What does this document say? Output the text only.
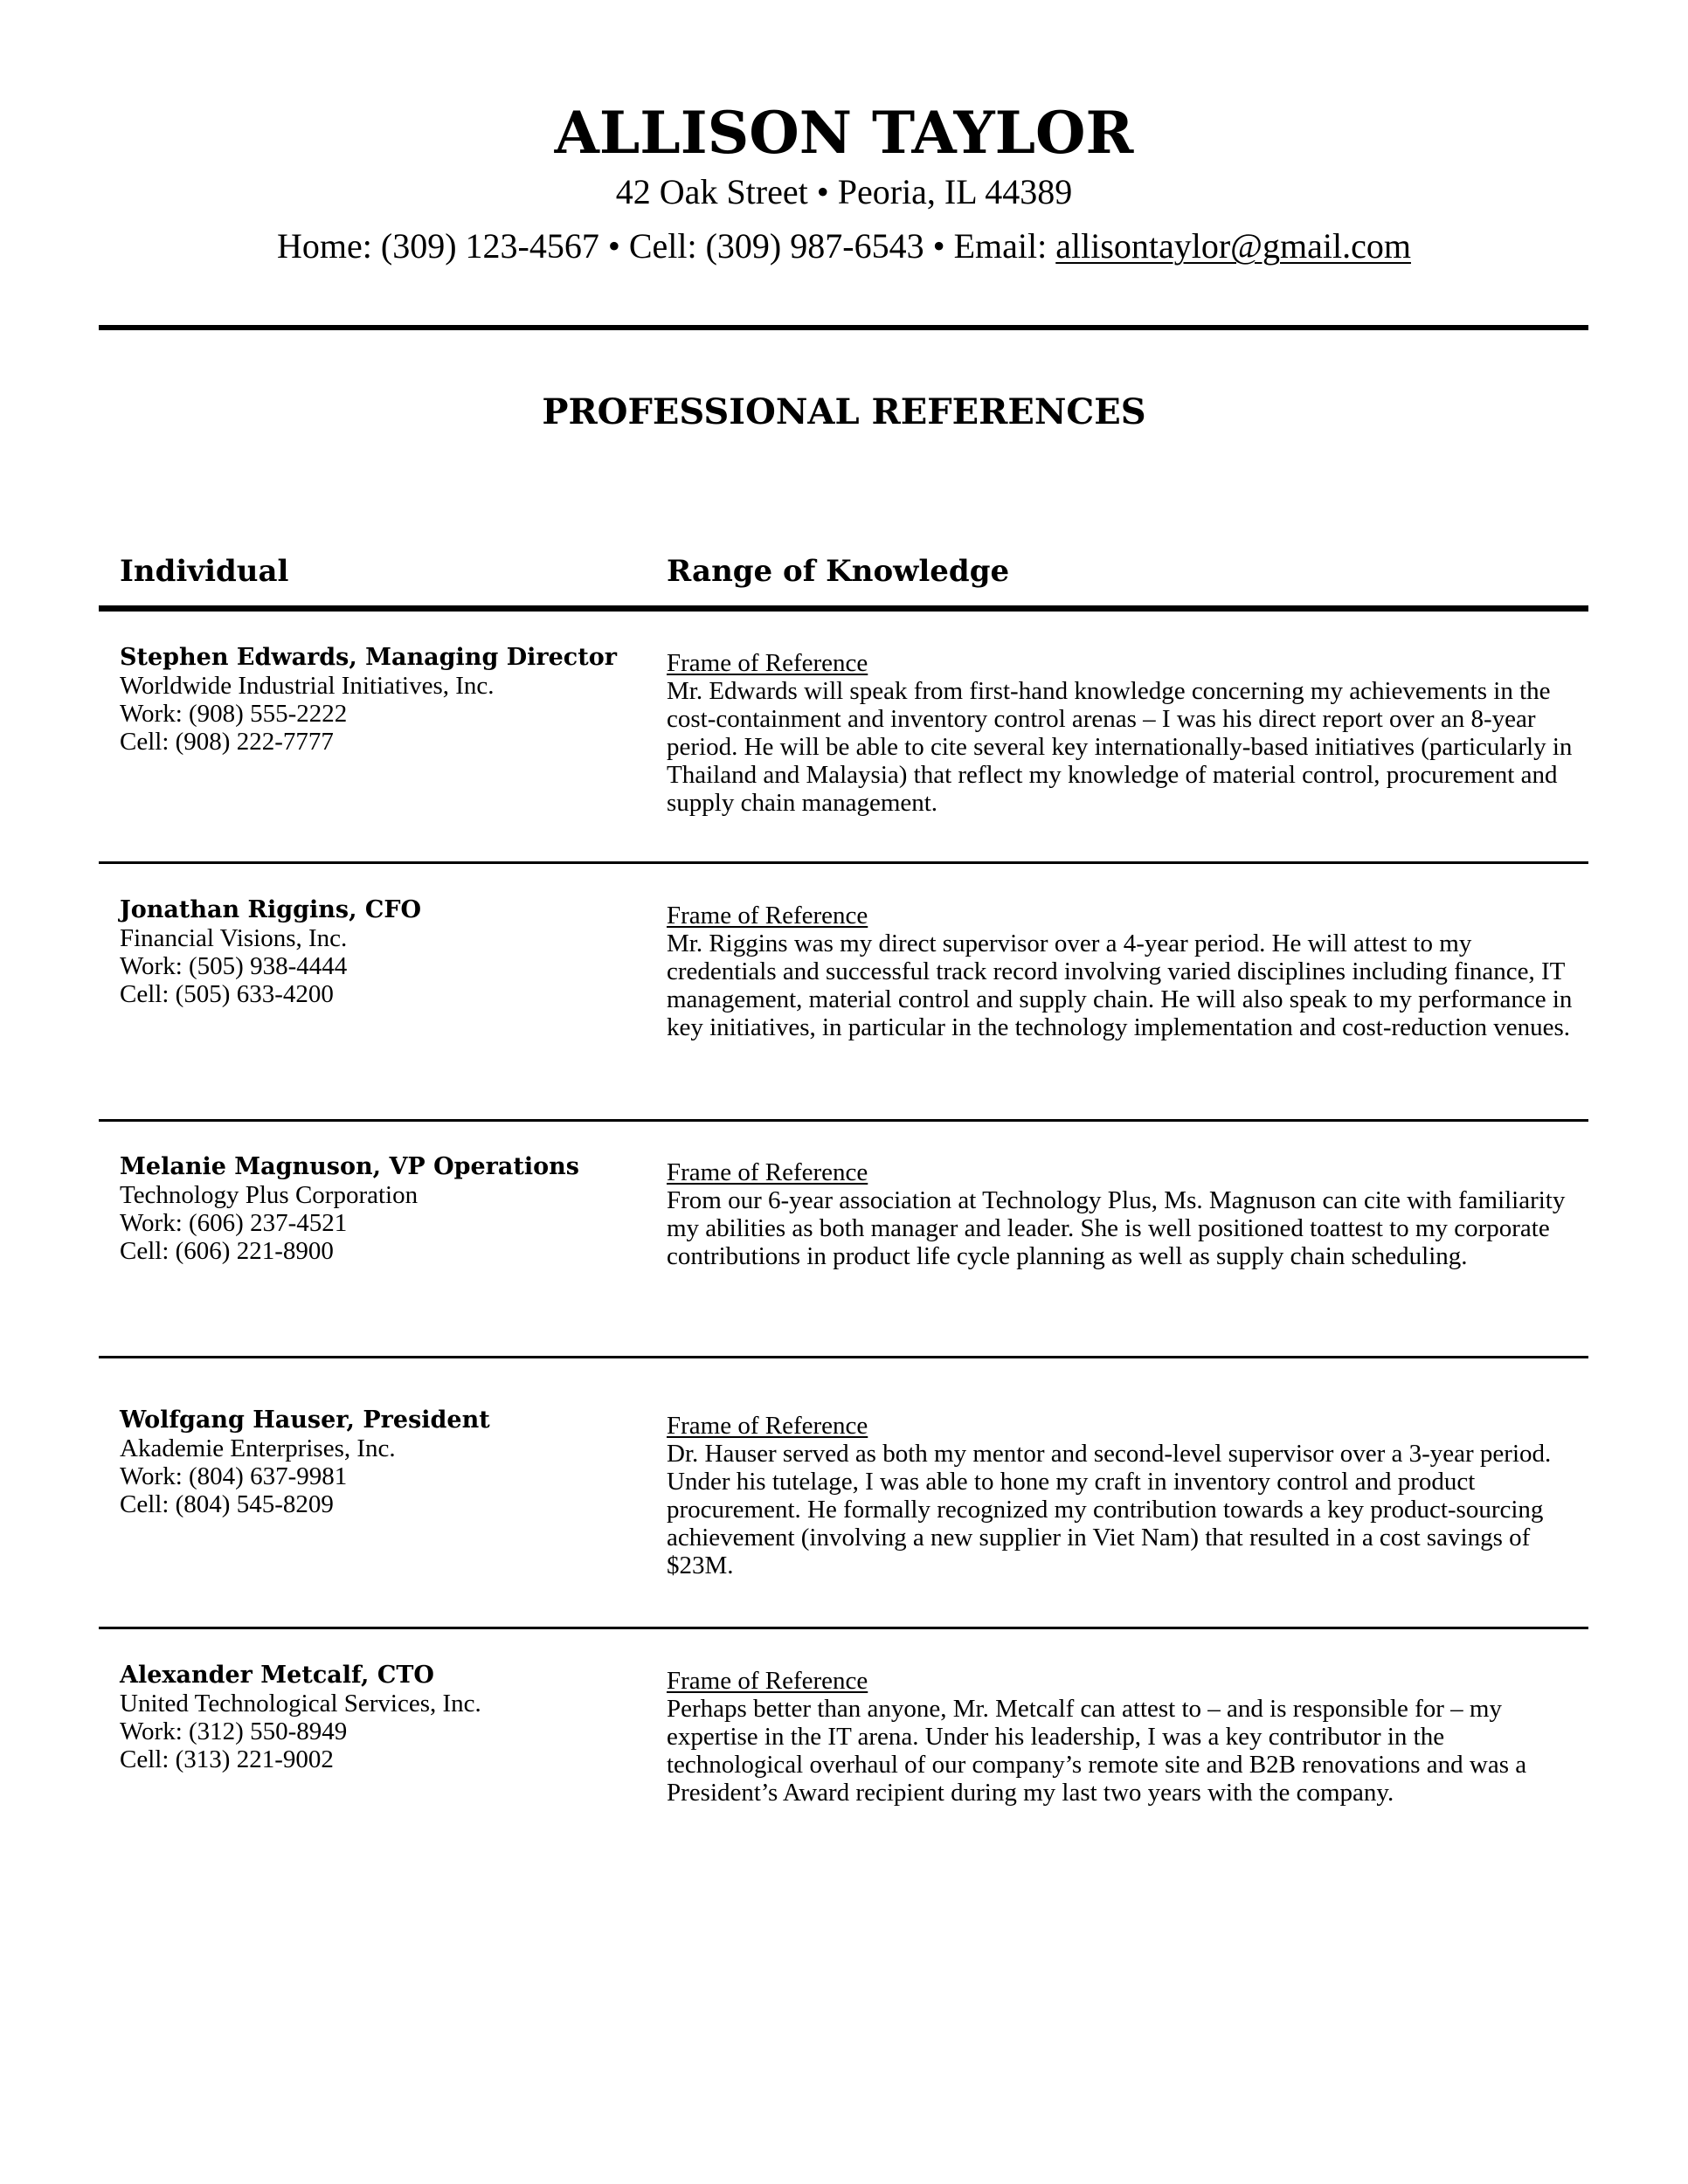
ALLISON TAYLOR
42 Oak Street • Peoria, IL 44389
Home: (309) 123-4567 • Cell: (309) 987-6543 • Email: allisontaylor@gmail.com
PROFESSIONAL REFERENCES
Individual	Range of Knowledge
Stephen Edwards, Managing Director
Worldwide Industrial Initiatives, Inc.
Work: (908) 555-2222
Cell: (908) 222-7777
Frame of Reference
Mr. Edwards will speak from first-hand knowledge concerning my achievements in the cost-containment and inventory control arenas – I was his direct report over an 8-year period. He will be able to cite several key internationally-based initiatives (particularly in Thailand and Malaysia) that reflect my knowledge of material control, procurement and supply chain management.
Jonathan Riggins, CFO
Financial Visions, Inc.
Work: (505) 938-4444
Cell: (505) 633-4200
Frame of Reference
Mr. Riggins was my direct supervisor over a 4-year period. He will attest to my credentials and successful track record involving varied disciplines including finance, IT management, material control and supply chain. He will also speak to my performance in key initiatives, in particular in the technology implementation and cost-reduction venues.
Melanie Magnuson, VP Operations
Technology Plus Corporation
Work: (606) 237-4521
Cell: (606) 221-8900
Frame of Reference
From our 6-year association at Technology Plus, Ms. Magnuson can cite with familiarity my abilities as both manager and leader. She is well positioned toattest to my corporate contributions in product life cycle planning as well as supply chain scheduling.
Wolfgang Hauser, President
Akademie Enterprises, Inc.
Work: (804) 637-9981
Cell: (804) 545-8209
Frame of Reference
Dr. Hauser served as both my mentor and second-level supervisor over a 3-year period. Under his tutelage, I was able to hone my craft in inventory control and product procurement. He formally recognized my contribution towards a key product-sourcing achievement (involving a new supplier in Viet Nam) that resulted in a cost savings of $23M.
Alexander Metcalf, CTO
United Technological Services, Inc.
Work: (312) 550-8949
Cell: (313) 221-9002
Frame of Reference
Perhaps better than anyone, Mr. Metcalf can attest to – and is responsible for – my expertise in the IT arena. Under his leadership, I was a key contributor in the technological overhaul of our company’s remote site and B2B renovations and was a President’s Award recipient during my last two years with the company.
